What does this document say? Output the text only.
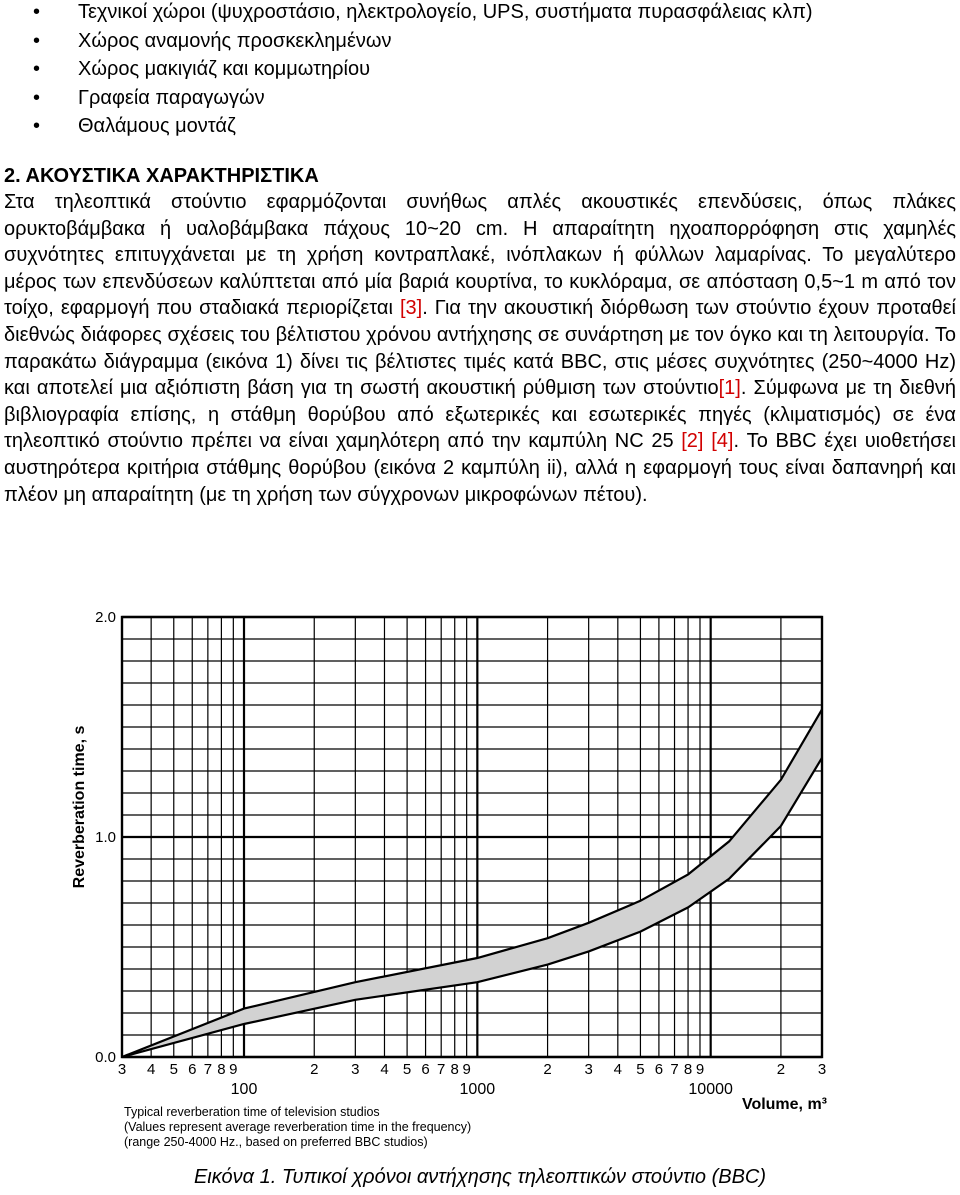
• Τεχνικοί χώροι (ψυχροστάσιο, ηλεκτρολογείο, UPS, συστήματα πυρασφάλειας κλπ)
• Χώρος αναμονής προσκεκλημένων
• Χώρος μακιγιάζ και κομμωτηρίου
• Γραφεία παραγωγών
• Θαλάμους μοντάζ
2. ΑΚΟΥΣΤΙΚΑ ΧΑΡΑΚΤΗΡΙΣΤΙΚΑ

Στα τηλεοπτικά στούντιο εφαρμόζονται συνήθως απλές ακουστικές επενδύσεις, όπως πλάκες ορυκτοβάμβακα ή υαλοβάμβακα πάχους 10~20 cm. Η απαραίτητη ηχοαπορρόφηση στις χαμηλές συχνότητες επιτυγχάνεται με τη χρήση κοντραπλακέ, ινόπλακων ή φύλλων λαμαρίνας. Το μεγαλύτερο μέρος των επενδύσεων καλύπτεται από μία βαριά κουρτίνα, το κυκλόραμα, σε απόσταση 0,5~1 m από τον τοίχο, εφαρμογή που σταδιακά περιορίζεται [3]. Για την ακουστική διόρθωση των στούντιο έχουν προταθεί διεθνώς διάφορες σχέσεις του βέλτιστου χρόνου αντήχησης σε συνάρτηση με τον όγκο και τη λειτουργία. Το παρακάτω διάγραμμα (εικόνα 1) δίνει τις βέλτιστες τιμές κατά BBC, στις μέσες συχνότητες (250~4000 Hz) και αποτελεί μια αξιόπιστη βάση για τη σωστή ακουστική ρύθμιση των στούντιο[1]. Σύμφωνα με τη διεθνή βιβλιογραφία επίσης, η στάθμη θορύβου από εξωτερικές και εσωτερικές πηγές (κλιματισμός) σε ένα τηλεοπτικό στούντιο πρέπει να είναι χαμηλότερη από την καμπύλη NC 25 [2] [4]. Το BBC έχει υιοθετήσει αυστηρότερα κριτήρια στάθμης θορύβου (εικόνα 2 καμπύλη ii), αλλά η εφαρμογή τους είναι δαπανηρή και πλέον μη απαραίτητη (με τη χρήση των σύγχρονων μικροφώνων πέτου).

0.0
1.0
2.0
3 4 5 6 7 8 9	2 3 4 5 6 7 8 9	2 3 4 5 6 7 8 9	2 3
100	1000	10000
Reverberation time, s
Volume, m³
Typical reverberation time of television studios
(Values represent average reverberation time in the frequency)
(range 250-4000 Hz., based on preferred BBC studios)
Εικόνα 1. Τυπικοί χρόνοι αντήχησης τηλεοπτικών στούντιο (BBC)
